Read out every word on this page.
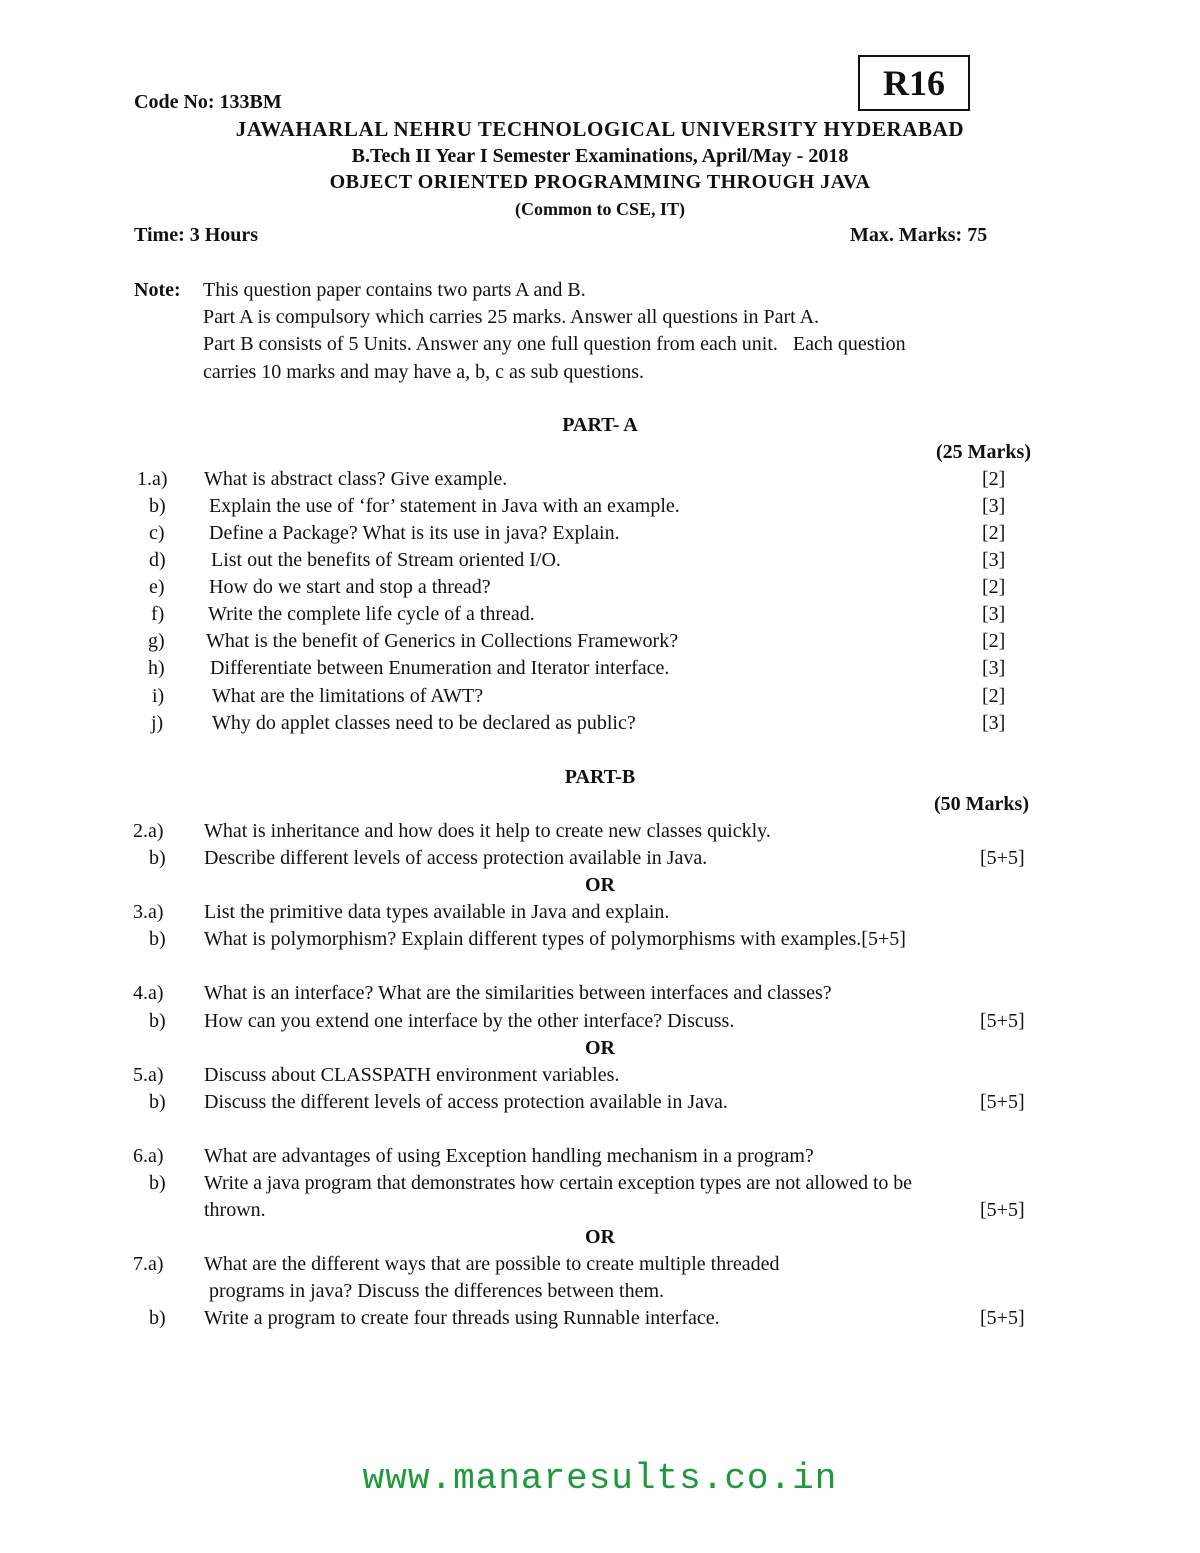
Code No: 133BM	R16
JAWAHARLAL NEHRU TECHNOLOGICAL UNIVERSITY HYDERABAD
B.Tech II Year I Semester Examinations, April/May - 2018
OBJECT ORIENTED PROGRAMMING THROUGH JAVA
(Common to CSE, IT)
Time: 3 Hours	Max. Marks: 75
Note: This question paper contains two parts A and B.
Part A is compulsory which carries 25 marks. Answer all questions in Part A.
Part B consists of 5 Units. Answer any one full question from each unit.   Each question
carries 10 marks and may have a, b, c as sub questions.
PART- A
(25 Marks)
1.a) What is abstract class? Give example.	[2]
b) Explain the use of ‘for’ statement in Java with an example.	[3]
c) Define a Package? What is its use in java? Explain.	[2]
d) List out the benefits of Stream oriented I/O.	[3]
e) How do we start and stop a thread?	[2]
f) Write the complete life cycle of a thread.	[3]
g) What is the benefit of Generics in Collections Framework?	[2]
h) Differentiate between Enumeration and Iterator interface.	[3]
i) What are the limitations of AWT?	[2]
j) Why do applet classes need to be declared as public?	[3]
PART-B
(50 Marks)
2.a) What is inheritance and how does it help to create new classes quickly.
b) Describe different levels of access protection available in Java.	[5+5]
OR
3.a) List the primitive data types available in Java and explain.
b) What is polymorphism? Explain different types of polymorphisms with examples.[5+5]
4.a) What is an interface? What are the similarities between interfaces and classes?
b) How can you extend one interface by the other interface? Discuss.	[5+5]
OR
5.a) Discuss about CLASSPATH environment variables.
b) Discuss the different levels of access protection available in Java.	[5+5]
6.a) What are advantages of using Exception handling mechanism in a program?
b) Write a java program that demonstrates how certain exception types are not allowed to be
thrown.	[5+5]
OR
7.a) What are the different ways that are possible to create multiple threaded
programs in java? Discuss the differences between them.
b) Write a program to create four threads using Runnable interface.	[5+5]
www.manaresults.co.in
